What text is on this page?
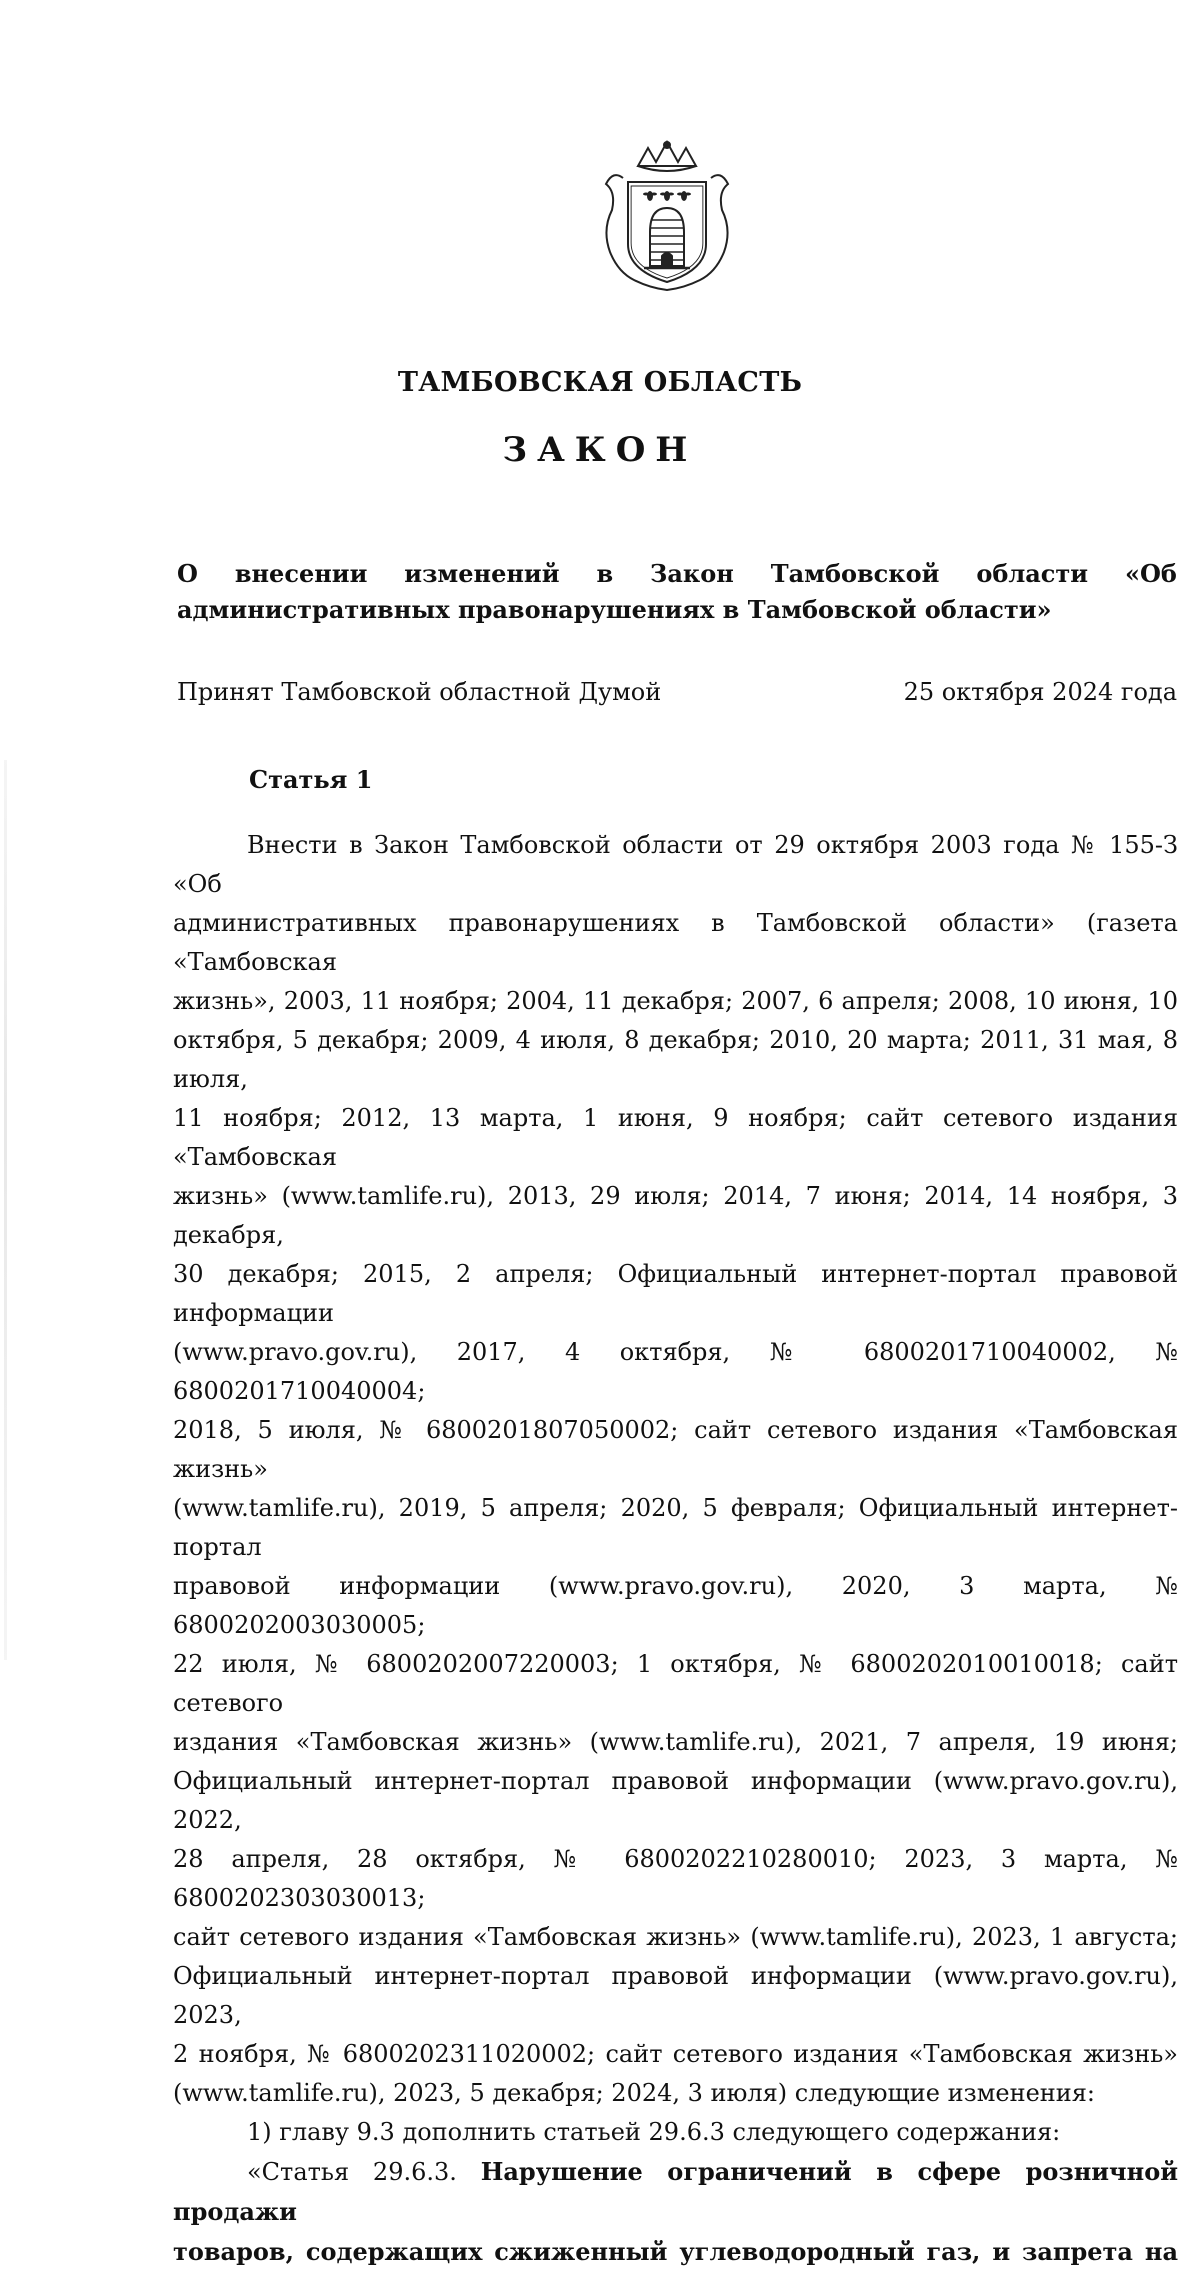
ТАМБОВСКАЯ ОБЛАСТЬ
ЗАКОН
О внесении изменений в Закон Тамбовской области «Об
административных правонарушениях в Тамбовской области»
Принят Тамбовской областной Думой	25 октября 2024 года
Статья 1

Внести в Закон Тамбовской области от 29 октября 2003 года № 155-З «Об

административных правонарушениях в Тамбовской области» (газета «Тамбовская

жизнь», 2003, 11 ноября; 2004, 11 декабря; 2007, 6 апреля; 2008, 10 июня, 10

октября, 5 декабря; 2009, 4 июля, 8 декабря; 2010, 20 марта; 2011, 31 мая, 8 июля,

11 ноября; 2012, 13 марта, 1 июня, 9 ноября; сайт сетевого издания «Тамбовская

жизнь» (www.tamlife.ru), 2013, 29 июля; 2014, 7 июня; 2014, 14 ноября, 3 декабря,

30 декабря; 2015, 2 апреля; Официальный интернет-портал правовой информации

(www.pravo.gov.ru), 2017, 4 октября, № 6800201710040002, № 6800201710040004;

2018, 5 июля, № 6800201807050002; сайт сетевого издания «Тамбовская жизнь»

(www.tamlife.ru), 2019, 5 апреля; 2020, 5 февраля; Официальный интернет-портал

правовой информации (www.pravo.gov.ru), 2020, 3 марта, № 6800202003030005;

22 июля, № 6800202007220003; 1 октября, № 6800202010010018; сайт сетевого

издания «Тамбовская жизнь» (www.tamlife.ru), 2021, 7 апреля, 19 июня;

Официальный интернет-портал правовой информации (www.pravo.gov.ru), 2022,

28 апреля, 28 октября, № 6800202210280010; 2023, 3 марта, № 6800202303030013;

сайт сетевого издания «Тамбовская жизнь» (www.tamlife.ru), 2023, 1 августа;

Официальный интернет-портал правовой информации (www.pravo.gov.ru), 2023,

2 ноября, № 6800202311020002; сайт сетевого издания «Тамбовская жизнь»

(www.tamlife.ru), 2023, 5 декабря; 2024, 3 июля) следующие изменения:

1) главу 9.3 дополнить статьей 29.6.3 следующего содержания:

«Статья 29.6.3. Нарушение ограничений в сфере розничной продажи

товаров, содержащих сжиженный углеводородный газ, и запрета на
